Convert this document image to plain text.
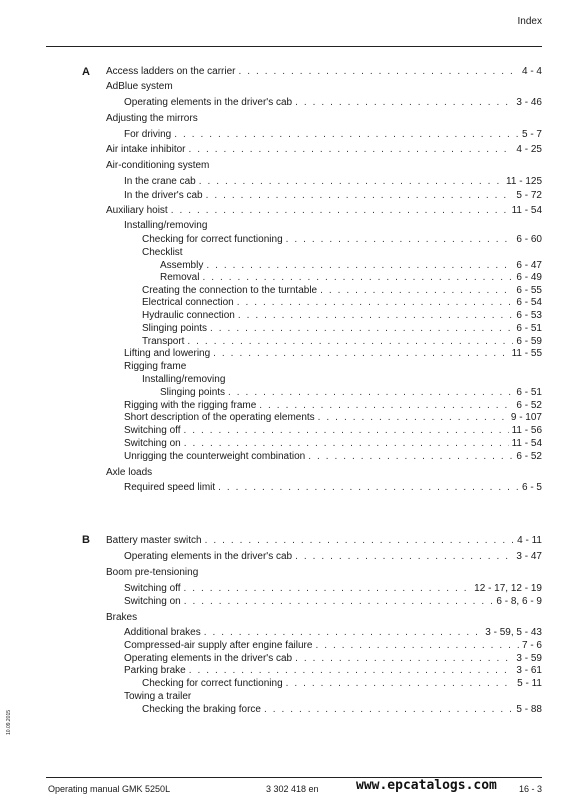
Index
A Access ladders on the carrier . . .	4 - 4
AdBlue system
Operating elements in the driver's cab . . .	3 - 46
Adjusting the mirrors
For driving . . .	5 - 7
Air intake inhibitor . . .	4 - 25
Air-conditioning system
In the crane cab . . .	11 - 125
In the driver's cab . . .	5 - 72
Auxiliary hoist . . .	11 - 54
Installing/removing
Checking for correct functioning . . .	6 - 60
Checklist
Assembly . . .	6 - 47
Removal . . .	6 - 49
Creating the connection to the turntable . . .	6 - 55
Electrical connection . . .	6 - 54
Hydraulic connection . . .	6 - 53
Slinging points . . .	6 - 51
Transport . . .	6 - 59
Lifting and lowering . . .	11 - 55
Rigging frame
Installing/removing
Slinging points . . .	6 - 51
Rigging with the rigging frame . . .	6 - 52
Short description of the operating elements . . .	9 - 107
Switching off . . .	11 - 56
Switching on . . .	11 - 54
Unrigging the counterweight combination . . .	6 - 52
Axle loads
Required speed limit . . .	6 - 5
B Battery master switch . . .	4 - 11
Operating elements in the driver's cab . . .	3 - 47
Boom pre-tensioning
Switching off . . .	12 - 17, 12 - 19
Switching on . . .	6 - 8, 6 - 9
Brakes
Additional brakes . . .	3 - 59, 5 - 43
Compressed-air supply after engine failure . . .	7 - 6
Operating elements in the driver's cab . . .	3 - 59
Parking brake . . .	3 - 61
Checking for correct functioning . . .	5 - 11
Towing a trailer
Checking the braking force . . .	5 - 88
10.09.2015
Operating manual GMK 5250L	3 302 418 en	www.epcatalogs.com 16 - 3
